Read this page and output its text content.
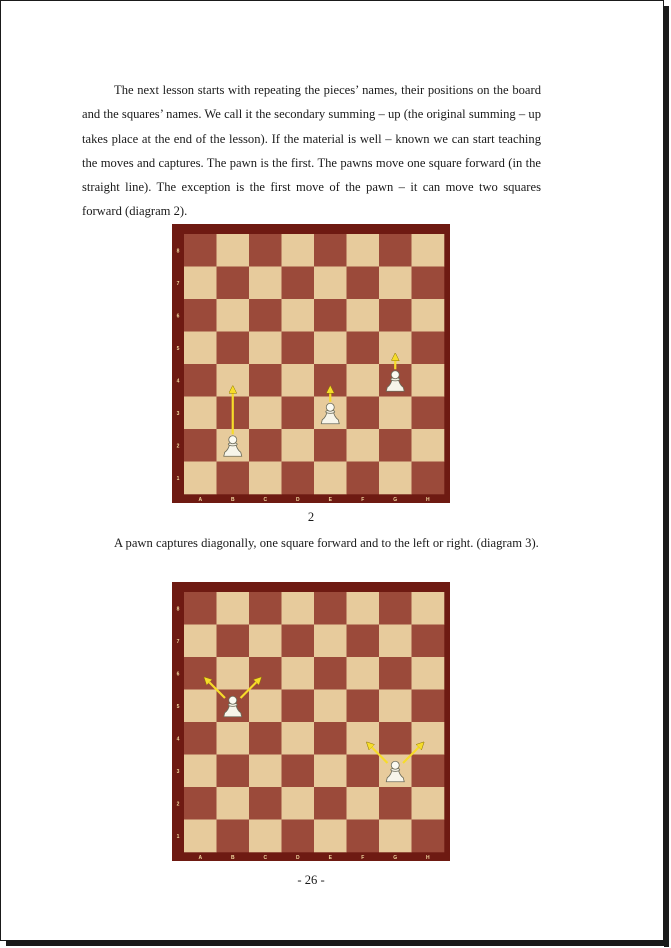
The next lesson starts with repeating the pieces’ names, their positions on the board and the squares’ names. We call it the secondary summing – up (the original summing – up takes place at the end of the lesson). If the material is well – known we can start teaching the moves and captures. The pawn is the first. The pawns move one square forward (in the straight line). The exception is the first move of the pawn – it can move two squares forward (diagram 2).

A	B	C	D	E	F	G	H
1
2
3
4
5
6
7
8

2

A pawn captures diagonally, one square forward and to the left or right. (diagram 3).

A	B	C	D	E	F	G	H
1
2
3
4
5
6
7
8
- 26 -
